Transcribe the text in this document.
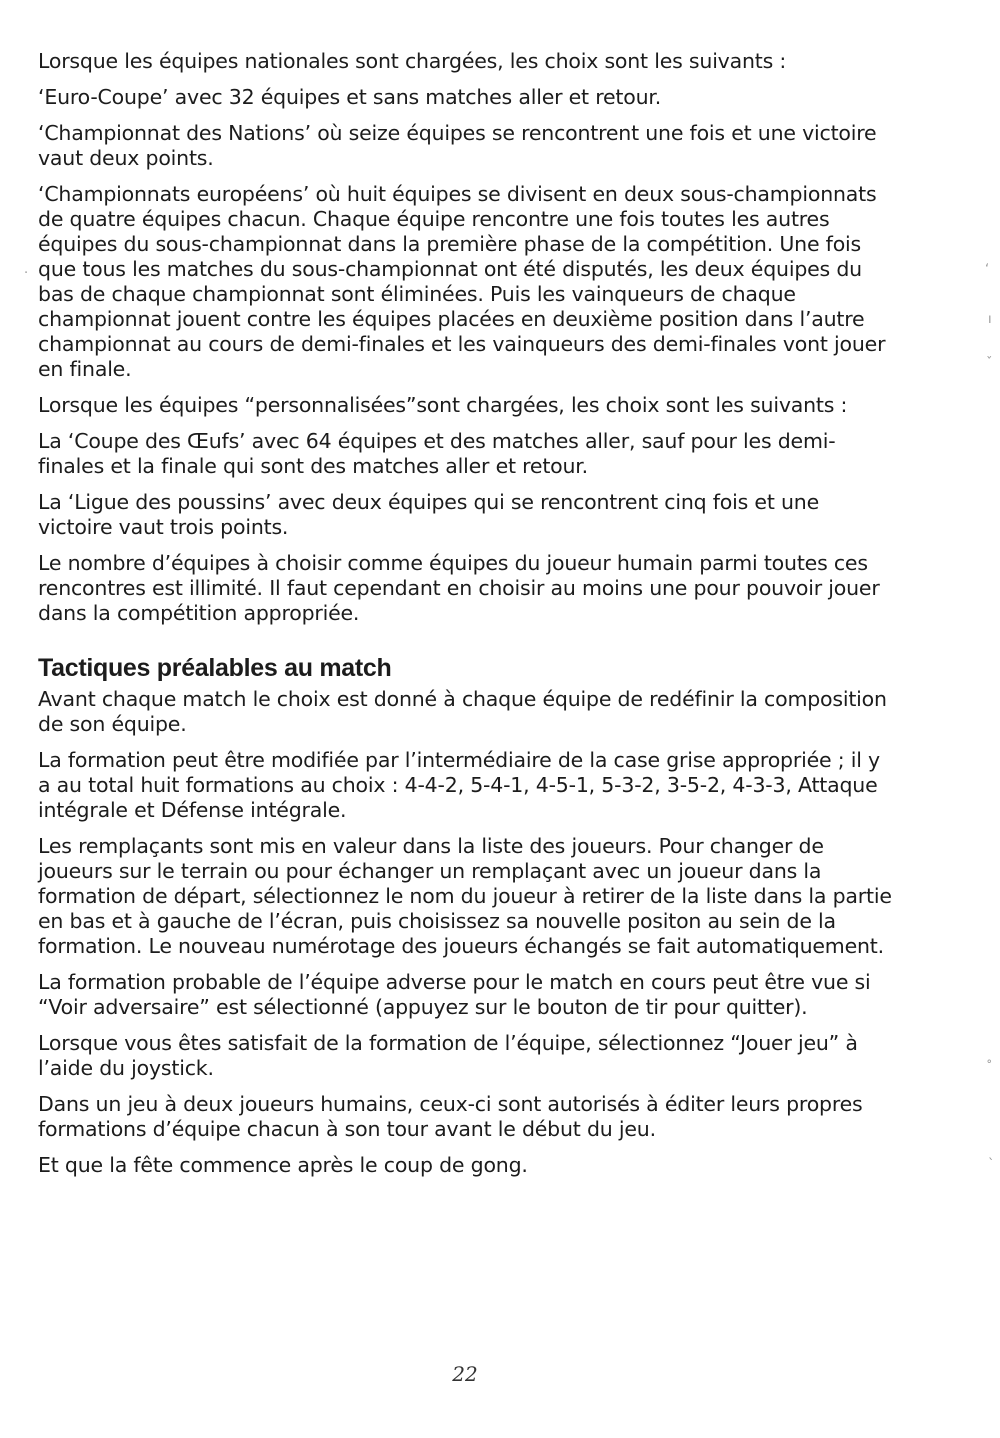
Lorsque les équipes nationales sont chargées, les choix sont les suivants :

‘Euro-Coupe’ avec 32 équipes et sans matches aller et retour.

‘Championnat des Nations’ où seize équipes se rencontrent une fois et une victoire vaut deux points.

‘Championnats européens’ où huit équipes se divisent en deux sous-championnats de quatre équipes chacun. Chaque équipe rencontre une fois toutes les autres équipes du sous-championnat dans la première phase de la compétition. Une fois que tous les matches du sous-championnat ont été disputés, les deux équipes du bas de chaque championnat sont éliminées. Puis les vainqueurs de chaque championnat jouent contre les équipes placées en deuxième position dans l’autre championnat au cours de demi-finales et les vainqueurs des demi-finales vont jouer en finale.

Lorsque les équipes “personnalisées”sont chargées, les choix sont les suivants :

La ‘Coupe des Œufs’ avec 64 équipes et des matches aller, sauf pour les demi-finales et la finale qui sont des matches aller et retour.

La ‘Ligue des poussins’ avec deux équipes qui se rencontrent cinq fois et une victoire vaut trois points.

Le nombre d’équipes à choisir comme équipes du joueur humain parmi toutes ces rencontres est illimité. Il faut cependant en choisir au moins une pour pouvoir jouer dans la compétition appropriée.

Tactiques préalables au match

Avant chaque match le choix est donné à chaque équipe de redéfinir la composition de son équipe.

La formation peut être modifiée par l’intermédiaire de la case grise appropriée ; il y a au total huit formations au choix : 4-4-2, 5-4-1, 4-5-1, 5-3-2, 3-5-2, 4-3-3, Attaque intégrale et Défense intégrale.

Les remplaçants sont mis en valeur dans la liste des joueurs. Pour changer de joueurs sur le terrain ou pour échanger un remplaçant avec un joueur dans la formation de départ, sélectionnez le nom du joueur à retirer de la liste dans la partie en bas et à gauche de l’écran, puis choisissez sa nouvelle positon au sein de la formation. Le nouveau numérotage des joueurs échangés se fait automatiquement.

La formation probable de l’équipe adverse pour le match en cours peut être vue si “Voir adversaire” est sélectionné (appuyez sur le bouton de tir pour quitter).

Lorsque vous êtes satisfait de la formation de l’équipe, sélectionnez “Jouer jeu” à l’aide du joystick.

Dans un jeu à deux joueurs humains, ceux-ci sont autorisés à éditer leurs propres formations d’équipe chacun à son tour avant le début du jeu.

Et que la fête commence après le coup de gong.

22
ʻ
ı
ˇ
˚
ˎ
·
